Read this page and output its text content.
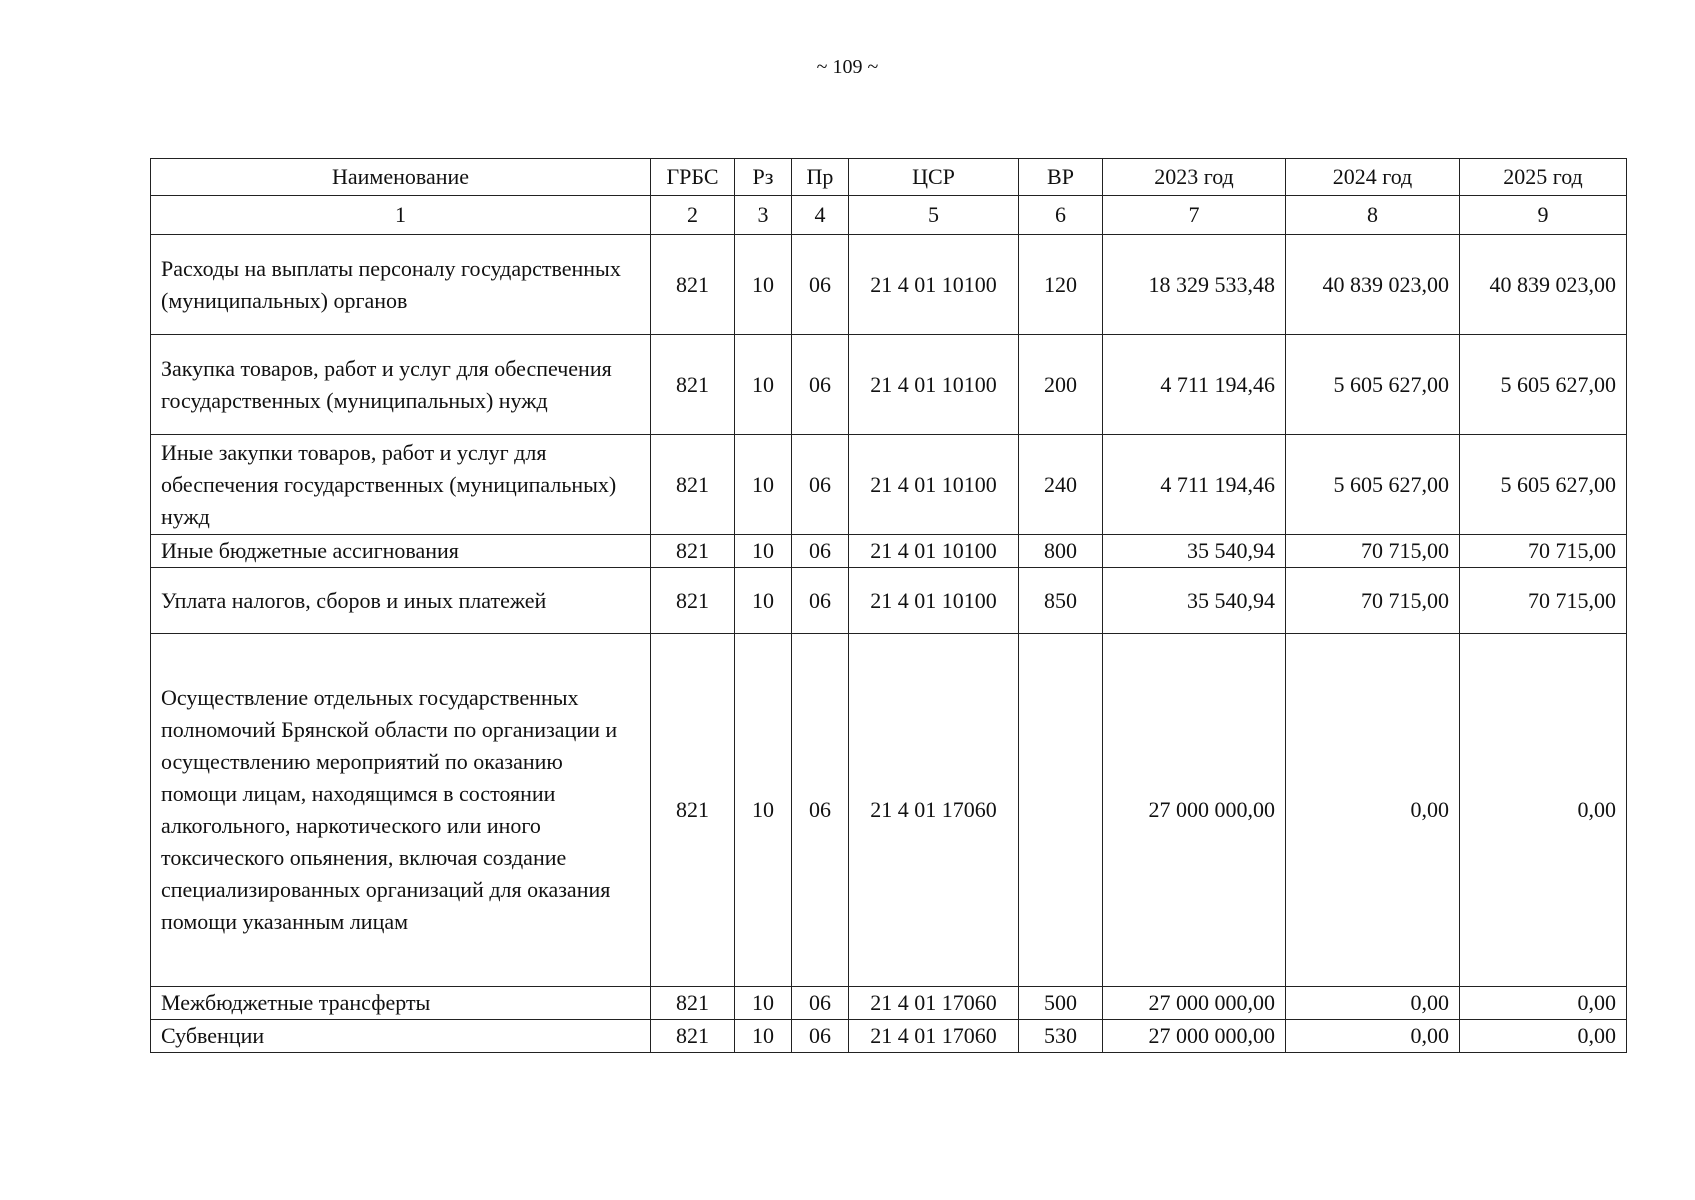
~ 109 ~
Наименование	ГРБС	Рз	Пр	ЦСР	ВР	2023 год	2024 год	2025 год
1	2	3	4	5	6	7	8	9
Расходы на выплаты персоналу государственных (муниципальных) органов	821	10	06	21 4 01 10100	120	18 329 533,48	40 839 023,00	40 839 023,00
Закупка товаров, работ и услуг для обеспечения государственных (муниципальных) нужд	821	10	06	21 4 01 10100	200	4 711 194,46	5 605 627,00	5 605 627,00
Иные закупки товаров, работ и услуг для обеспечения государственных (муниципальных) нужд	821	10	06	21 4 01 10100	240	4 711 194,46	5 605 627,00	5 605 627,00
Иные бюджетные ассигнования	821	10	06	21 4 01 10100	800	35 540,94	70 715,00	70 715,00
Уплата налогов, сборов и иных платежей	821	10	06	21 4 01 10100	850	35 540,94	70 715,00	70 715,00
Осуществление отдельных государственных полномочий Брянской области по организации и осуществлению мероприятий по оказанию помощи лицам, находящимся в состоянии алкогольного, наркотического или иного токсического опьянения, включая создание специализированных организаций для оказания помощи указанным лицам	821	10	06	21 4 01 17060		27 000 000,00	0,00	0,00
Межбюджетные трансферты	821	10	06	21 4 01 17060	500	27 000 000,00	0,00	0,00
Субвенции	821	10	06	21 4 01 17060	530	27 000 000,00	0,00	0,00
